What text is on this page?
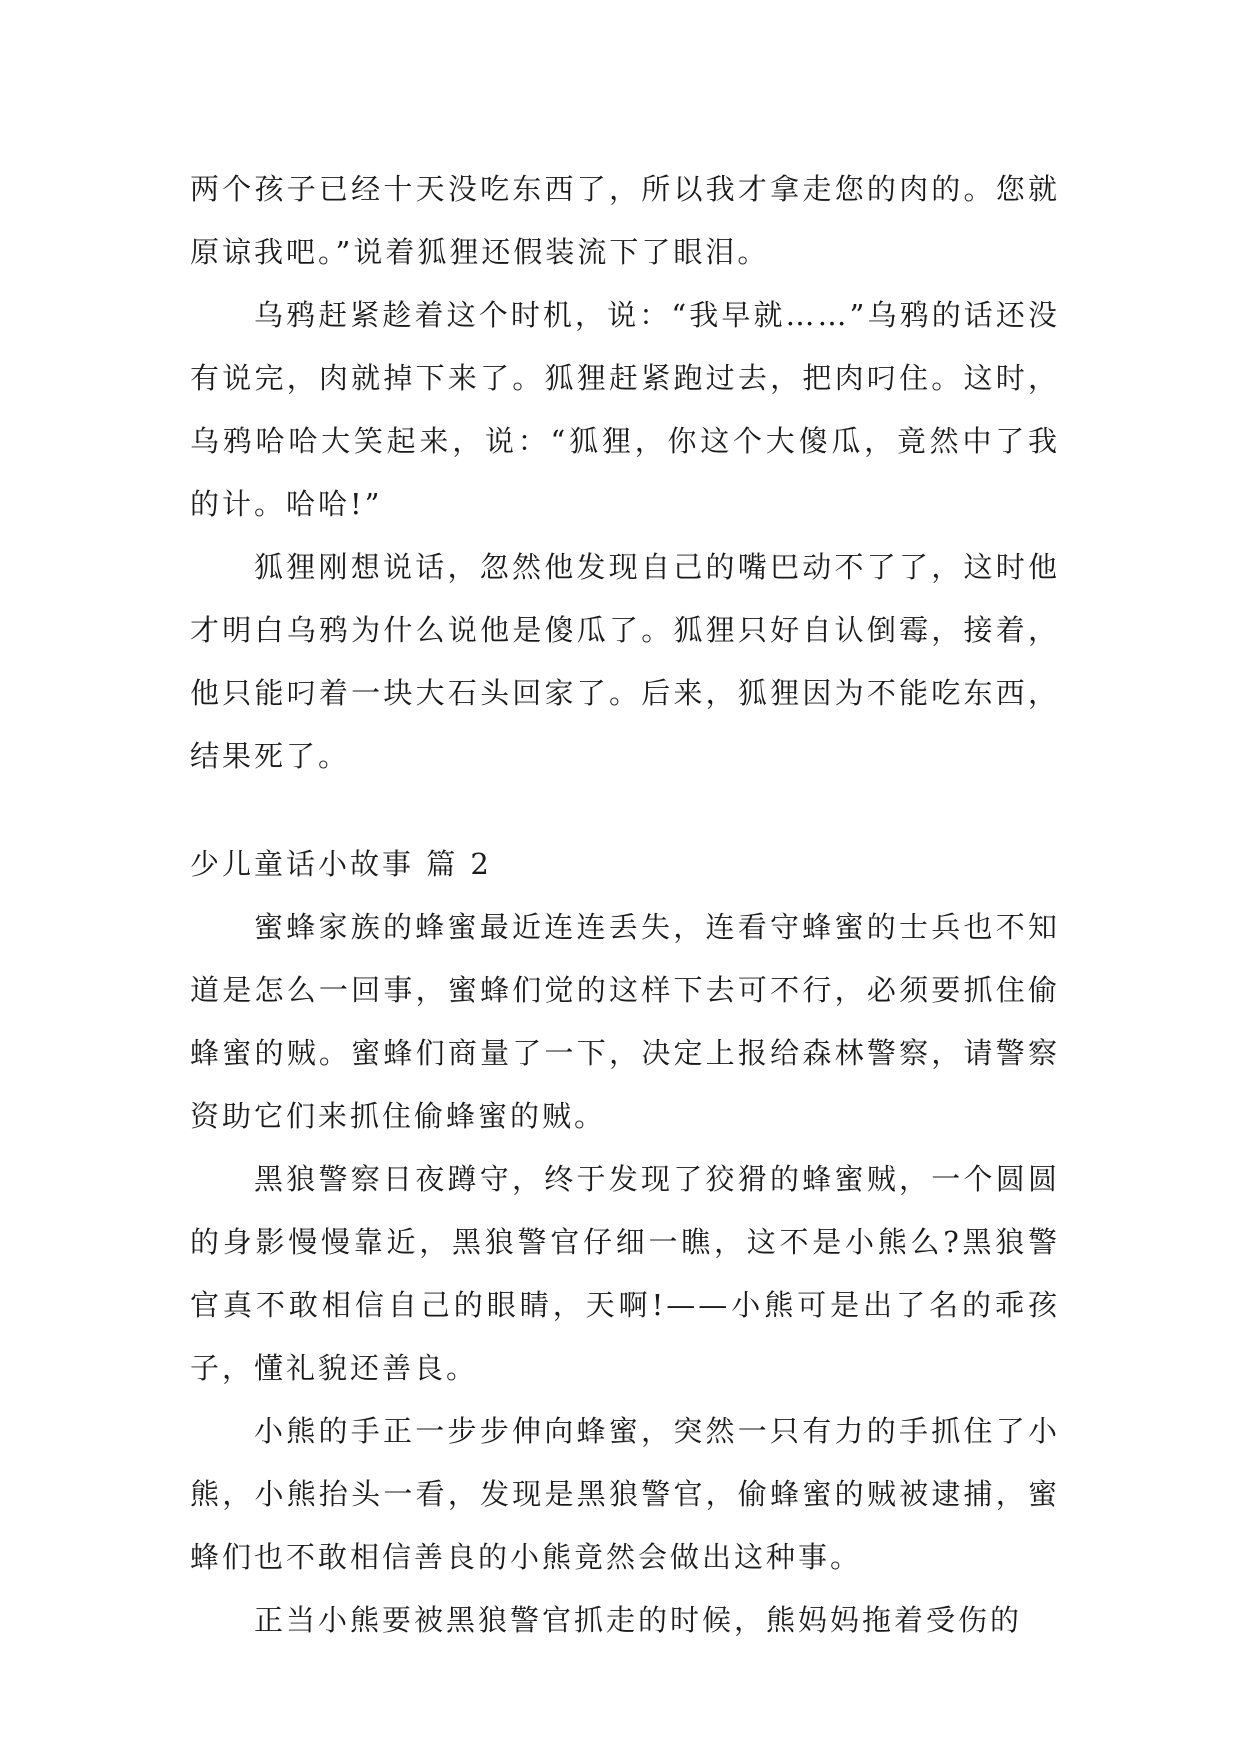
两个孩子已经十天没吃东西了，所以我才拿走您的肉的。您就原谅我吧。”说着狐狸还假装流下了眼泪。

乌鸦赶紧趁着这个时机，说：“我早就……”乌鸦的话还没有说完，肉就掉下来了。狐狸赶紧跑过去，把肉叼住。这时，乌鸦哈哈大笑起来，说：“狐狸，你这个大傻瓜，竟然中了我的计。哈哈!”

狐狸刚想说话，忽然他发现自己的嘴巴动不了了，这时他才明白乌鸦为什么说他是傻瓜了。狐狸只好自认倒霉，接着，他只能叼着一块大石头回家了。后来，狐狸因为不能吃东西，结果死了。

少儿童话小故事 篇 2

蜜蜂家族的蜂蜜最近连连丢失，连看守蜂蜜的士兵也不知道是怎么一回事，蜜蜂们觉的这样下去可不行，必须要抓住偷蜂蜜的贼。蜜蜂们商量了一下，决定上报给森林警察，请警察资助它们来抓住偷蜂蜜的贼。

黑狼警察日夜蹲守，终于发现了狡猾的蜂蜜贼，一个圆圆的身影慢慢靠近，黑狼警官仔细一瞧，这不是小熊么?黑狼警官真不敢相信自己的眼睛，天啊!——小熊可是出了名的乖孩子，懂礼貌还善良。

小熊的手正一步步伸向蜂蜜，突然一只有力的手抓住了小熊，小熊抬头一看，发现是黑狼警官，偷蜂蜜的贼被逮捕，蜜蜂们也不敢相信善良的小熊竟然会做出这种事。

正当小熊要被黑狼警官抓走的时候，熊妈妈拖着受伤的
